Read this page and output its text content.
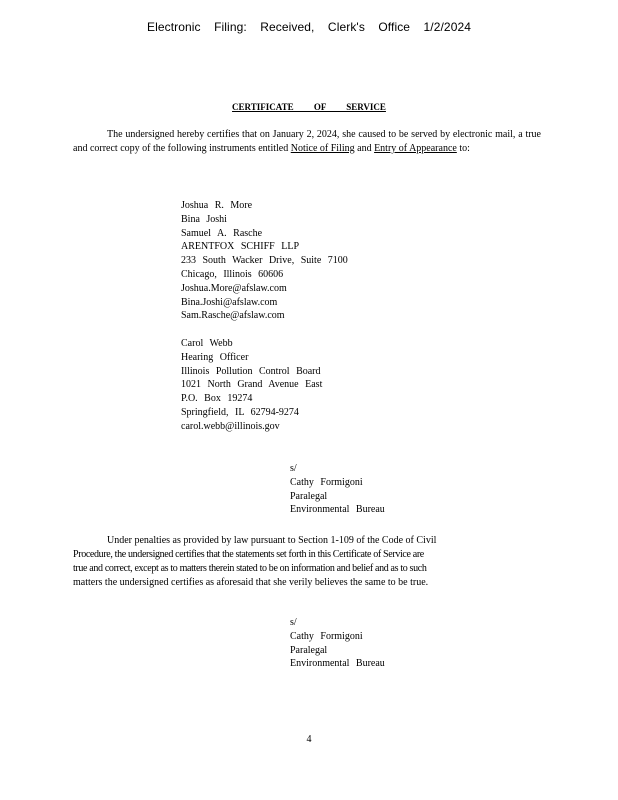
Electronic Filing: Received, Clerk's Office 1/2/2024
CERTIFICATE OF SERVICE
The undersigned hereby certifies that on January 2, 2024, she caused to be served by electronic mail, a true and correct copy of the following instruments entitled Notice of Filing and Entry of Appearance to:
Joshua R. More
Bina Joshi
Samuel A. Rasche
ARENTFOX SCHIFF LLP
233 South Wacker Drive, Suite 7100
Chicago, Illinois 60606
Joshua.More@afslaw.com
Bina.Joshi@afslaw.com
Sam.Rasche@afslaw.com
Carol Webb
Hearing Officer
Illinois Pollution Control Board
1021 North Grand Avenue East
P.O. Box 19274
Springfield, IL 62794-9274
carol.webb@illinois.gov
s/
Cathy Formigoni
Paralegal
Environmental Bureau
Under penalties as provided by law pursuant to Section 1-109 of the Code of Civil
Procedure, the undersigned certifies that the statements set forth in this Certificate of Service are
true and correct, except as to matters therein stated to be on information and belief and as to such
matters the undersigned certifies as aforesaid that she verily believes the same to be true.
s/
Cathy Formigoni
Paralegal
Environmental Bureau
4
